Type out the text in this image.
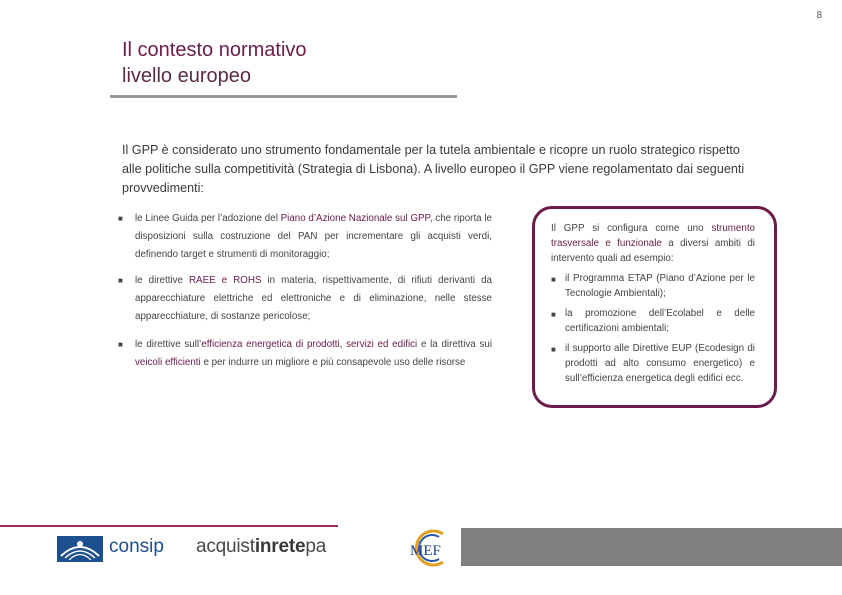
8
Il contesto normativo
livello europeo

Il GPP è considerato uno strumento fondamentale per la tutela ambientale e ricopre un ruolo strategico rispetto alle politiche sulla competitività (Strategia di Lisbona). A livello europeo il GPP viene regolamentato dai seguenti provvedimenti:

■ le Linee Guida per l’adozione del Piano d’Azione Nazionale sul GPP, che riporta le disposizioni sulla costruzione del PAN per incrementare gli acquisti verdi, definendo target e strumenti di monitoraggio;
■ le direttive RAEE e ROHS in materia, rispettivamente, di rifiuti derivanti da apparecchiature elettriche ed elettroniche e di eliminazione, nelle stesse apparecchiature, di sostanze pericolose;
■ le direttive sull’efficienza energetica di prodotti, servizi ed edifici e la direttiva sui veicoli efficienti e per indurre un migliore e più consapevole uso delle risorse

Il GPP si configura come uno strumento trasversale e funzionale a diversi ambiti di intervento quali ad esempio:

■ il Programma ETAP (Piano d’Azione per le Tecnologie Ambientali);
■ la promozione dell’Ecolabel e delle certificazioni ambientali;
■ il supporto alle Direttive EUP (Ecodesign di prodotti ad alto consumo energetico) e sull’efficienza energetica degli edifici ecc.
consip acquistinretepa	MEF
